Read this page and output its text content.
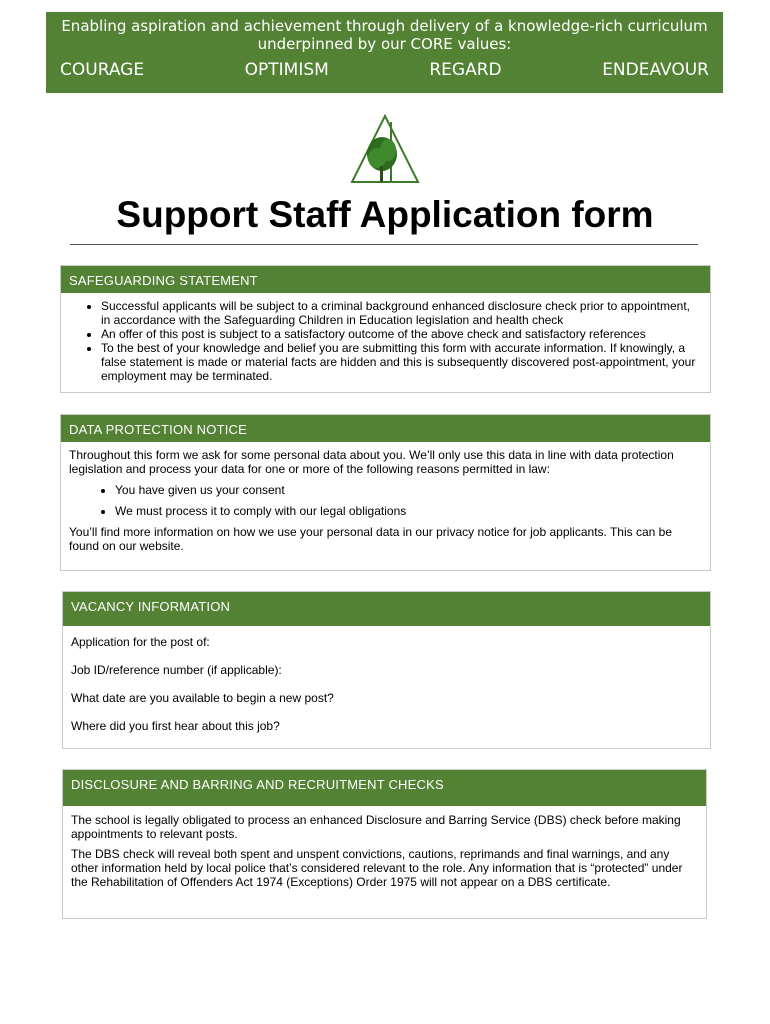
Enabling aspiration and achievement through delivery of a knowledge-rich curriculum underpinned by our CORE values:
COURAGE	OPTIMISM	REGARD	ENDEAVOUR
Support Staff Application form
SAFEGUARDING STATEMENT
• Successful applicants will be subject to a criminal background enhanced disclosure check prior to appointment, in accordance with the Safeguarding Children in Education legislation and health check
• An offer of this post is subject to a satisfactory outcome of the above check and satisfactory references
• To the best of your knowledge and belief you are submitting this form with accurate information. If knowingly, a false statement is made or material facts are hidden and this is subsequently discovered post-appointment, your employment may be terminated.
DATA PROTECTION NOTICE

Throughout this form we ask for some personal data about you. We’ll only use this data in line with data protection legislation and process your data for one or more of the following reasons permitted in law:

• You have given us your consent
• We must process it to comply with our legal obligations

You’ll find more information on how we use your personal data in our privacy notice for job applicants. This can be found on our website.

VACANCY INFORMATION
Application for the post of:
Job ID/reference number (if applicable):
What date are you available to begin a new post?
Where did you first hear about this job?
DISCLOSURE AND BARRING AND RECRUITMENT CHECKS

The school is legally obligated to process an enhanced Disclosure and Barring Service (DBS) check before making appointments to relevant posts.

The DBS check will reveal both spent and unspent convictions, cautions, reprimands and final warnings, and any other information held by local police that’s considered relevant to the role. Any information that is “protected” under the Rehabilitation of Offenders Act 1974 (Exceptions) Order 1975 will not appear on a DBS certificate.
